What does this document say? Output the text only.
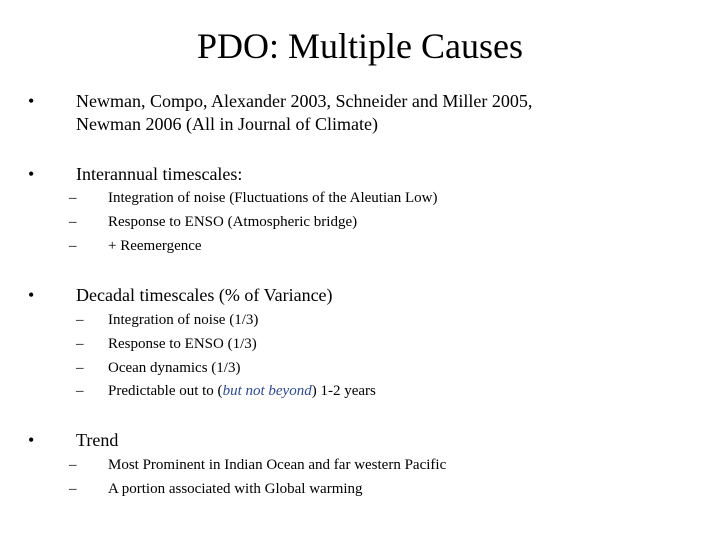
PDO: Multiple Causes
•	Newman, Compo, Alexander 2003, Schneider and Miller 2005,
Newman 2006 (All in Journal of Climate)
•	Interannual timescales:
– Integration of noise (Fluctuations of the Aleutian Low)
– Response to ENSO (Atmospheric bridge)
– + Reemergence
•	Decadal timescales (% of Variance)
– Integration of noise (1/3)
– Response to ENSO (1/3)
– Ocean dynamics (1/3)
– Predictable out to (but not beyond) 1-2 years
•	Trend
– Most Prominent in Indian Ocean and far western Pacific
– A portion associated with Global warming
